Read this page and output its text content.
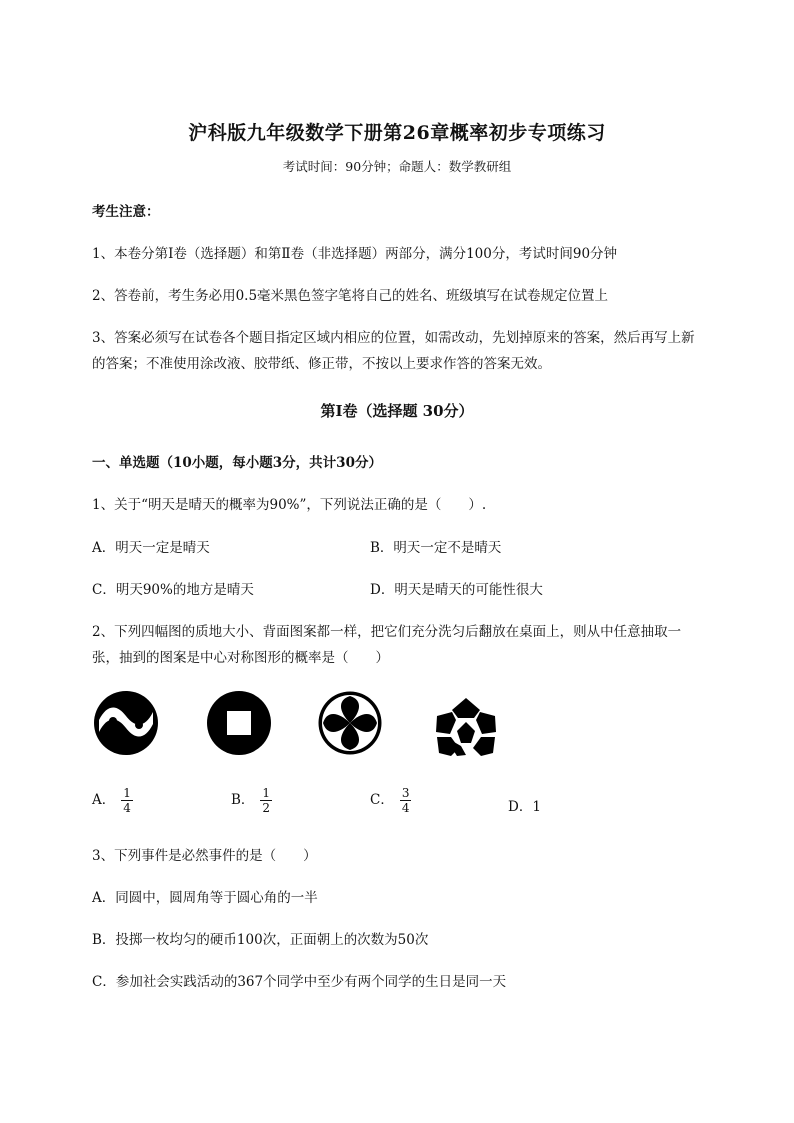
沪科版九年级数学下册第26章概率初步专项练习
考试时间：90分钟；命题人：数学教研组
考生注意：
1、本卷分第I卷（选择题）和第Ⅱ卷（非选择题）两部分，满分100分，考试时间90分钟
2、答卷前，考生务必用0.5毫米黑色签字笔将自己的姓名、班级填写在试卷规定位置上
3、答案必须写在试卷各个题目指定区域内相应的位置，如需改动，先划掉原来的答案，然后再写上新
的答案；不准使用涂改液、胶带纸、修正带，不按以上要求作答的答案无效。
第I卷（选择题 30分）
一、单选题（10小题，每小题3分，共计30分）
1、关于“明天是晴天的概率为90%”，下列说法正确的是（　　）.
A．明天一定是晴天	B．明天一定不是晴天
C．明天90%的地方是晴天	D．明天是晴天的可能性很大
2、下列四幅图的质地大小、背面图案都一样，把它们充分洗匀后翻放在桌面上，则从中任意抽取一
张，抽到的图案是中心对称图形的概率是（　　）
A． $\frac{1}{4}$	B． $\frac{1}{2}$	C． $\frac{3}{4}$	D．1
3、下列事件是必然事件的是（　　）
A．同圆中，圆周角等于圆心角的一半
B．投掷一枚均匀的硬币100次，正面朝上的次数为50次
C．参加社会实践活动的367个同学中至少有两个同学的生日是同一天
